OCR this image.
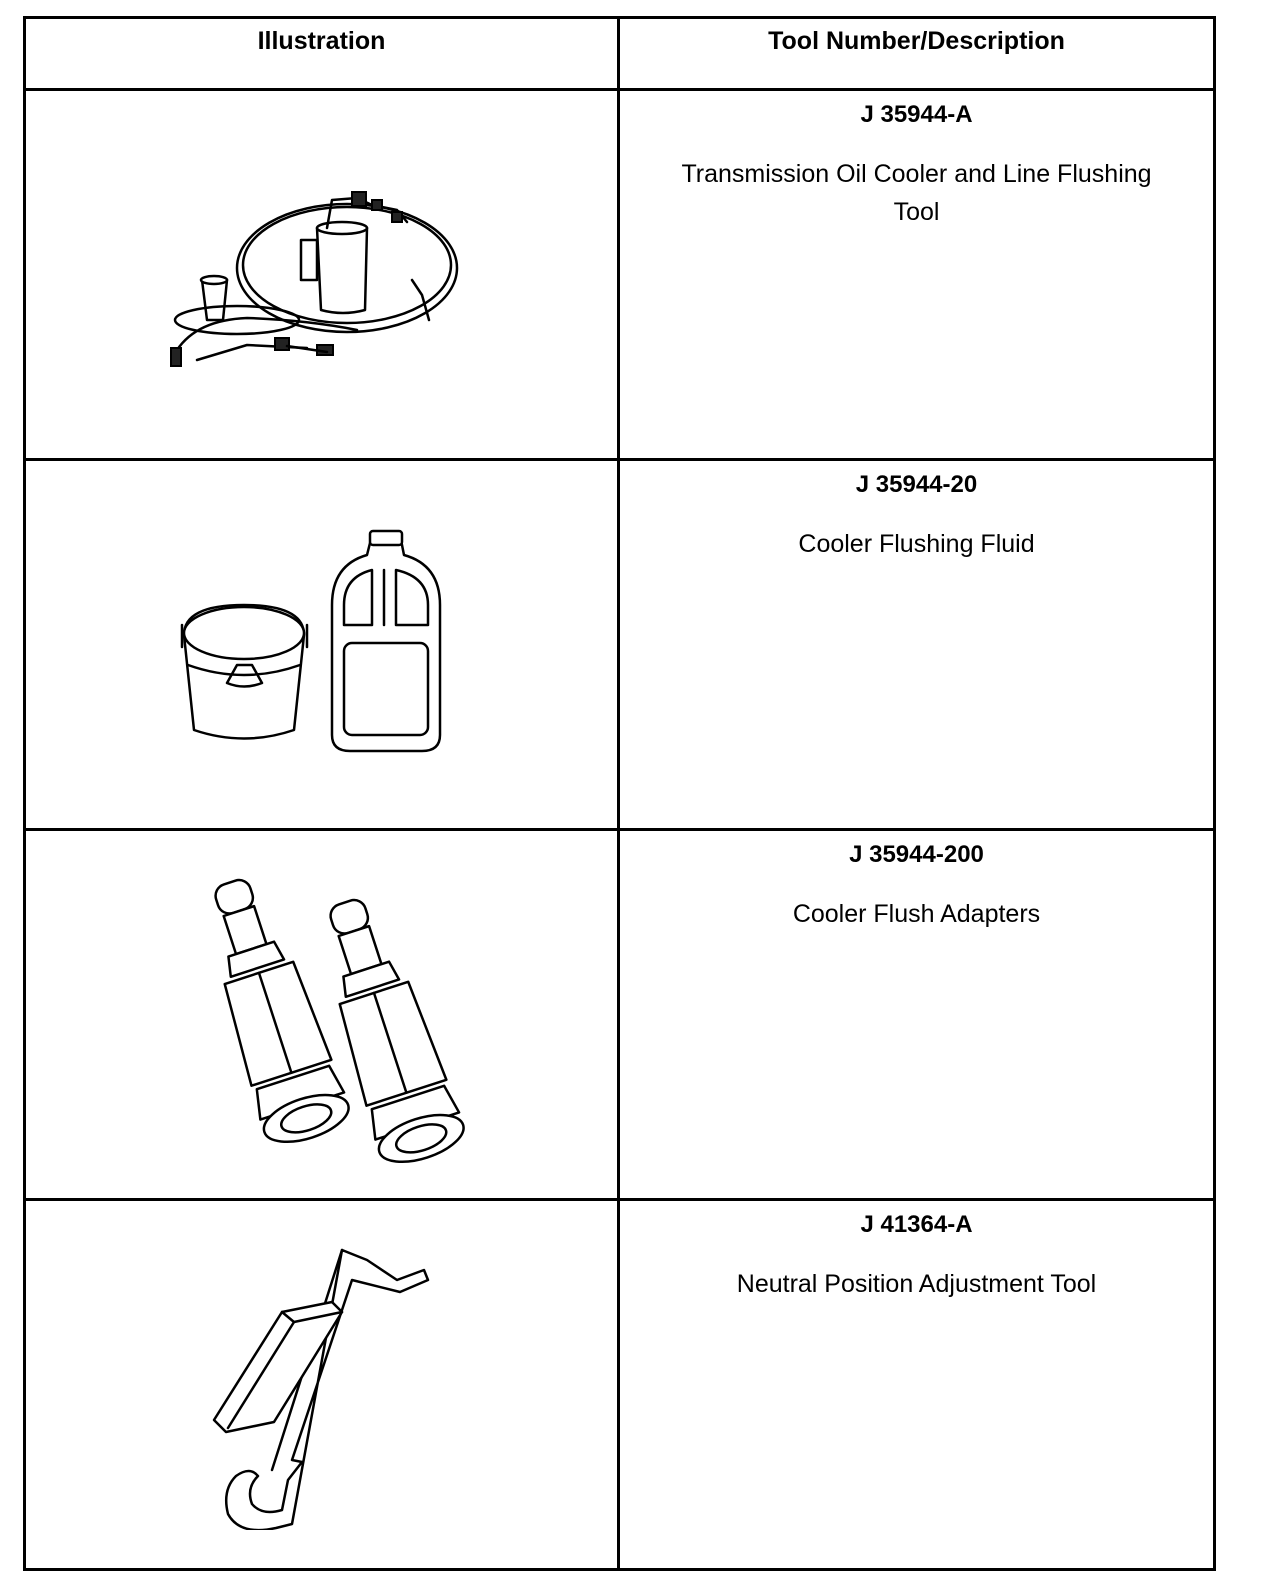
Illustration	Tool Number/Description

J 35944-A
Transmission Oil Cooler and Line Flushing Tool

J 35944-20
Cooler Flushing Fluid

J 35944-200
Cooler Flush Adapters

J 41364-A
Neutral Position Adjustment Tool
